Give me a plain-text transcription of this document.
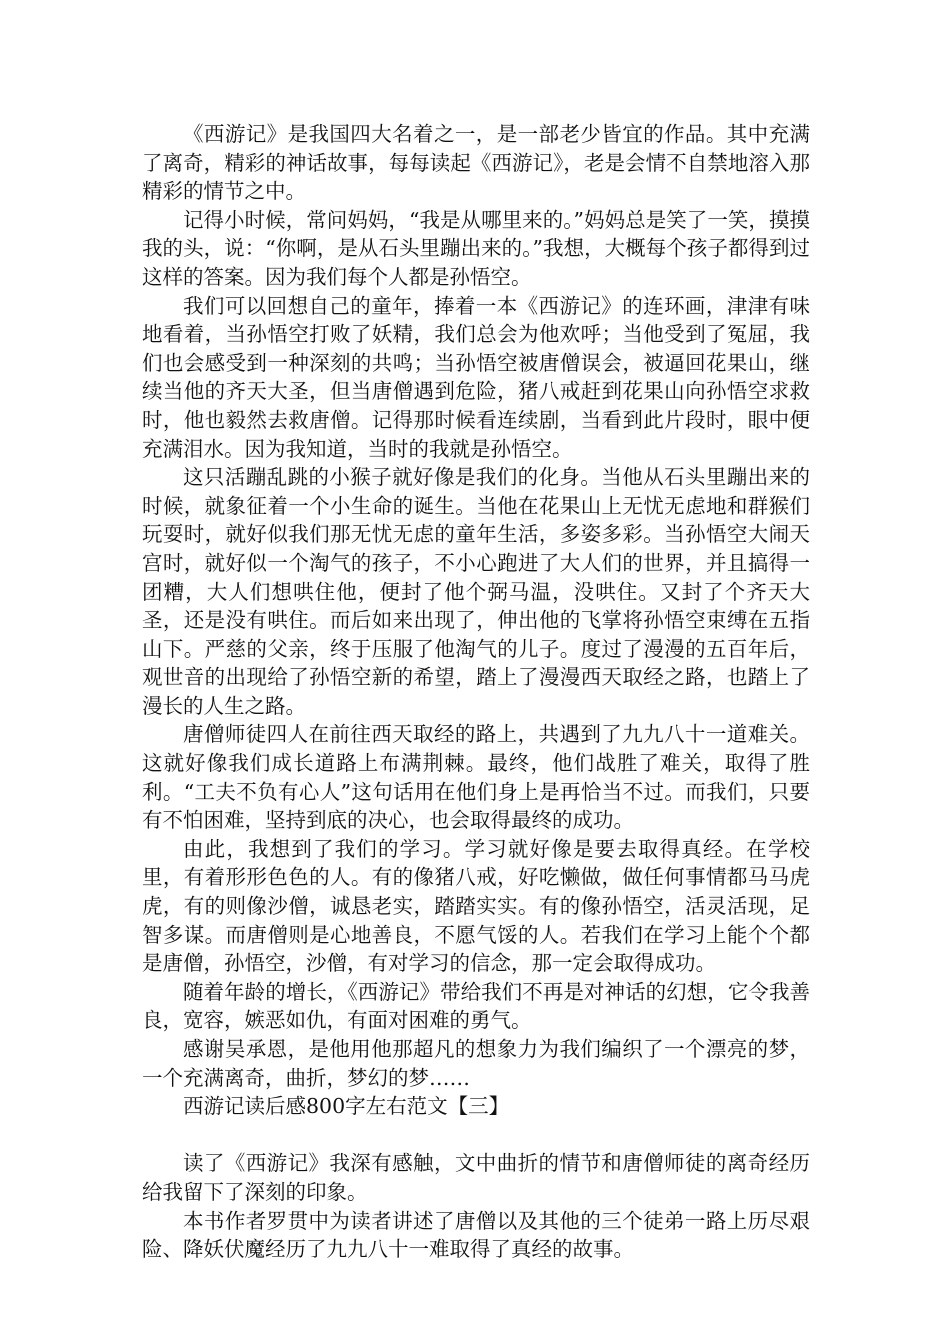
《西游记》是我国四大名着之一，是一部老少皆宜的作品。其中充满了离奇，精彩的神话故事，每每读起《西游记》，老是会情不自禁地溶入那精彩的情节之中。

记得小时候，常问妈妈，“我是从哪里来的。”妈妈总是笑了一笑，摸摸我的头，说：“你啊，是从石头里蹦出来的。”我想，大概每个孩子都得到过这样的答案。因为我们每个人都是孙悟空。

我们可以回想自己的童年，捧着一本《西游记》的连环画，津津有味地看着，当孙悟空打败了妖精，我们总会为他欢呼；当他受到了冤屈，我们也会感受到一种深刻的共鸣；当孙悟空被唐僧误会，被逼回花果山，继续当他的齐天大圣，但当唐僧遇到危险，猪八戒赶到花果山向孙悟空求救时，他也毅然去救唐僧。记得那时候看连续剧，当看到此片段时，眼中便充满泪水。因为我知道，当时的我就是孙悟空。

这只活蹦乱跳的小猴子就好像是我们的化身。当他从石头里蹦出来的时候，就象征着一个小生命的诞生。当他在花果山上无忧无虑地和群猴们玩耍时，就好似我们那无忧无虑的童年生活，多姿多彩。当孙悟空大闹天宫时，就好似一个淘气的孩子，不小心跑进了大人们的世界，并且搞得一团糟，大人们想哄住他，便封了他个弼马温，没哄住。又封了个齐天大圣，还是没有哄住。而后如来出现了，伸出他的飞掌将孙悟空束缚在五指山下。严慈的父亲，终于压服了他淘气的儿子。度过了漫漫的五百年后，观世音的出现给了孙悟空新的希望，踏上了漫漫西天取经之路，也踏上了漫长的人生之路。

唐僧师徒四人在前往西天取经的路上，共遇到了九九八十一道难关。这就好像我们成长道路上布满荆棘。最终，他们战胜了难关，取得了胜利。“工夫不负有心人”这句话用在他们身上是再恰当不过。而我们，只要有不怕困难，坚持到底的决心，也会取得最终的成功。

由此，我想到了我们的学习。学习就好像是要去取得真经。在学校里，有着形形色色的人。有的像猪八戒，好吃懒做，做任何事情都马马虎虎，有的则像沙僧，诚恳老实，踏踏实实。有的像孙悟空，活灵活现，足智多谋。而唐僧则是心地善良，不愿气馁的人。若我们在学习上能个个都是唐僧，孙悟空，沙僧，有对学习的信念，那一定会取得成功。

随着年龄的增长，《西游记》带给我们不再是对神话的幻想，它令我善良，宽容，嫉恶如仇，有面对困难的勇气。

感谢吴承恩，是他用他那超凡的想象力为我们编织了一个漂亮的梦，一个充满离奇，曲折，梦幻的梦……

西游记读后感800字左右范文【三】

读了《西游记》我深有感触，文中曲折的情节和唐僧师徒的离奇经历给我留下了深刻的印象。

本书作者罗贯中为读者讲述了唐僧以及其他的三个徒弟一路上历尽艰险、降妖伏魔经历了九九八十一难取得了真经的故事。
